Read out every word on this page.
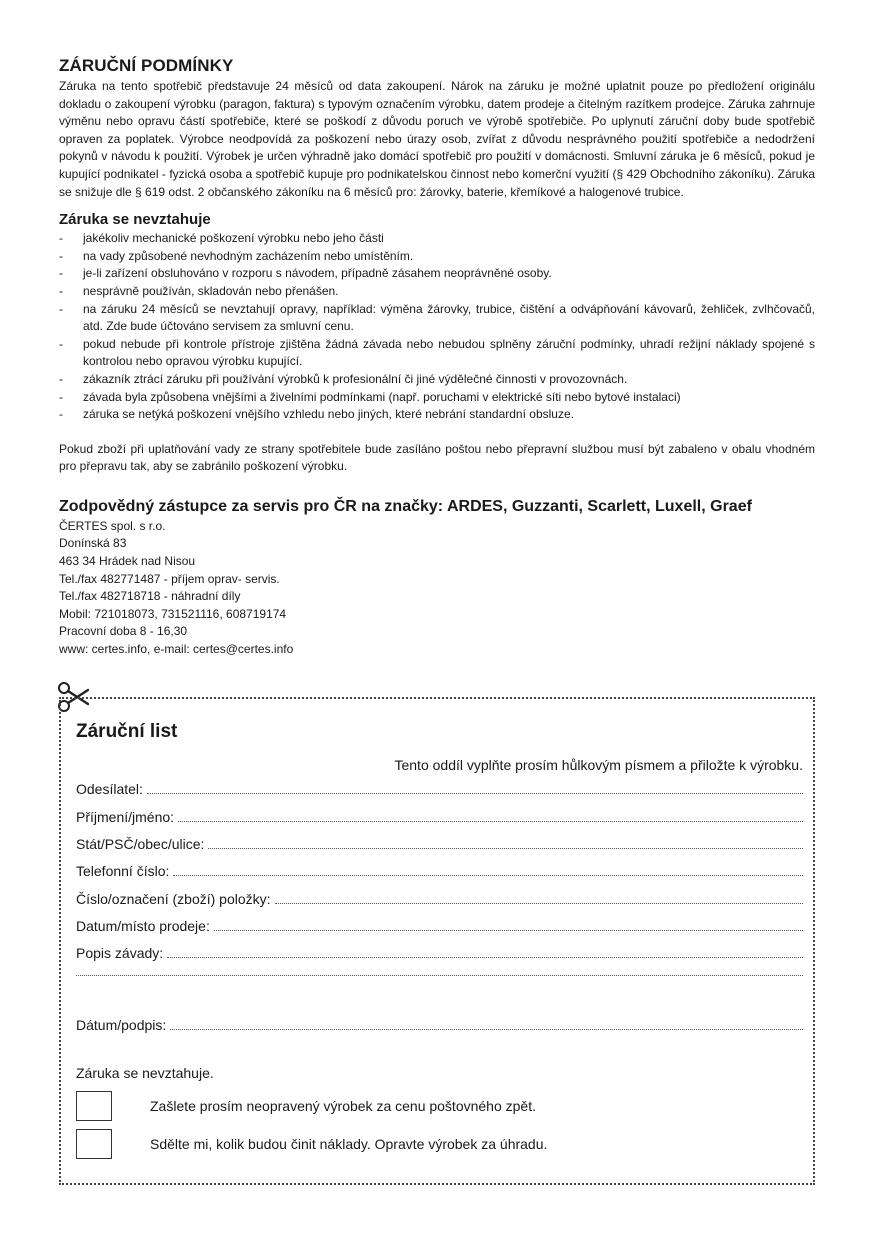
ZÁRUČNÍ PODMÍNKY

Záruka na tento spotřebič představuje 24 měsíců od data zakoupení. Nárok na záruku je možné uplatnit pouze po předložení originálu dokladu o zakoupení výrobku (paragon, faktura) s typovým označením výrobku, datem prodeje a čitelným razítkem prodejce. Záruka zahrnuje výměnu nebo opravu částí spotřebiče, které se poškodí z důvodu poruch ve výrobě spotřebiče. Po uplynutí záruční doby bude spotřebič opraven za poplatek. Výrobce neodpovídá za poškození nebo úrazy osob, zvířat z důvodu nesprávného použití spotřebiče a nedodržení pokynů v návodu k použití. Výrobek je určen výhradně jako domácí spotřebič pro použití v domácnosti. Smluvní záruka je 6 měsíců, pokud je kupující podnikatel - fyzická osoba a spotřebič kupuje pro podnikatelskou činnost nebo komerční využití (§ 429 Obchodního zákoníku). Záruka se snižuje dle § 619 odst. 2 občanského zákoníku na 6 měsíců pro: žárovky, baterie, křemíkové a halogenové trubice.

Záruka se nevztahuje
- jakékoliv mechanické poškození výrobku nebo jeho části
- na vady způsobené nevhodným zacházením nebo umístěním.
- je-li zařízení obsluhováno v rozporu s návodem, případně zásahem neoprávněné osoby.
- nesprávně používán, skladován nebo přenášen.
- na záruku 24 měsíců se nevztahují opravy, například: výměna žárovky, trubice, čištění a odvápňování kávovarů, žehliček, zvlhčovačů, atd. Zde bude účtováno servisem za smluvní cenu.
- pokud nebude při kontrole přístroje zjištěna žádná závada nebo nebudou splněny záruční podmínky, uhradí režijní náklady spojené s kontrolou nebo opravou výrobku kupující.
- zákazník ztrácí záruku při používání výrobků k profesionální či jiné výdělečné činnosti v provozovnách.
- závada byla způsobena vnějšími a živelními podmínkami (např. poruchami v elektrické síti nebo bytové instalaci)
- záruka se netýká poškození vnějšího vzhledu nebo jiných, které nebrání standardní obsluze.

Pokud zboží při uplatňování vady ze strany spotřebitele bude zasíláno poštou nebo přepravní službou musí být zabaleno v obalu vhodném pro přepravu tak, aby se zabránilo poškození výrobku.

Zodpovědný zástupce za servis pro ČR na značky: ARDES, Guzzanti, Scarlett, Luxell, Graef
ČERTES spol. s r.o.
Donínská 83
463 34 Hrádek nad Nisou
Tel./fax 482771487 - příjem oprav- servis.
Tel./fax 482718718 - náhradní díly
Mobil: 721018073, 731521116, 608719174
Pracovní doba 8 - 16,30
www: certes.info, e-mail: certes@certes.info
Záruční list
Tento oddíl vyplňte prosím hůlkovým písmem a přiložte k výrobku.
Odesílatel:
Příjmení/jméno:
Stát/PSČ/obec/ulice:
Telefonní číslo:
Číslo/označení (zboží) položky:
Datum/místo prodeje:
Popis závady:
Dátum/podpis:
Záruka se nevztahuje.
Zašlete prosím neopravený výrobek za cenu poštovného zpět.
Sdělte mi, kolik budou činit náklady. Opravte výrobek za úhradu.
